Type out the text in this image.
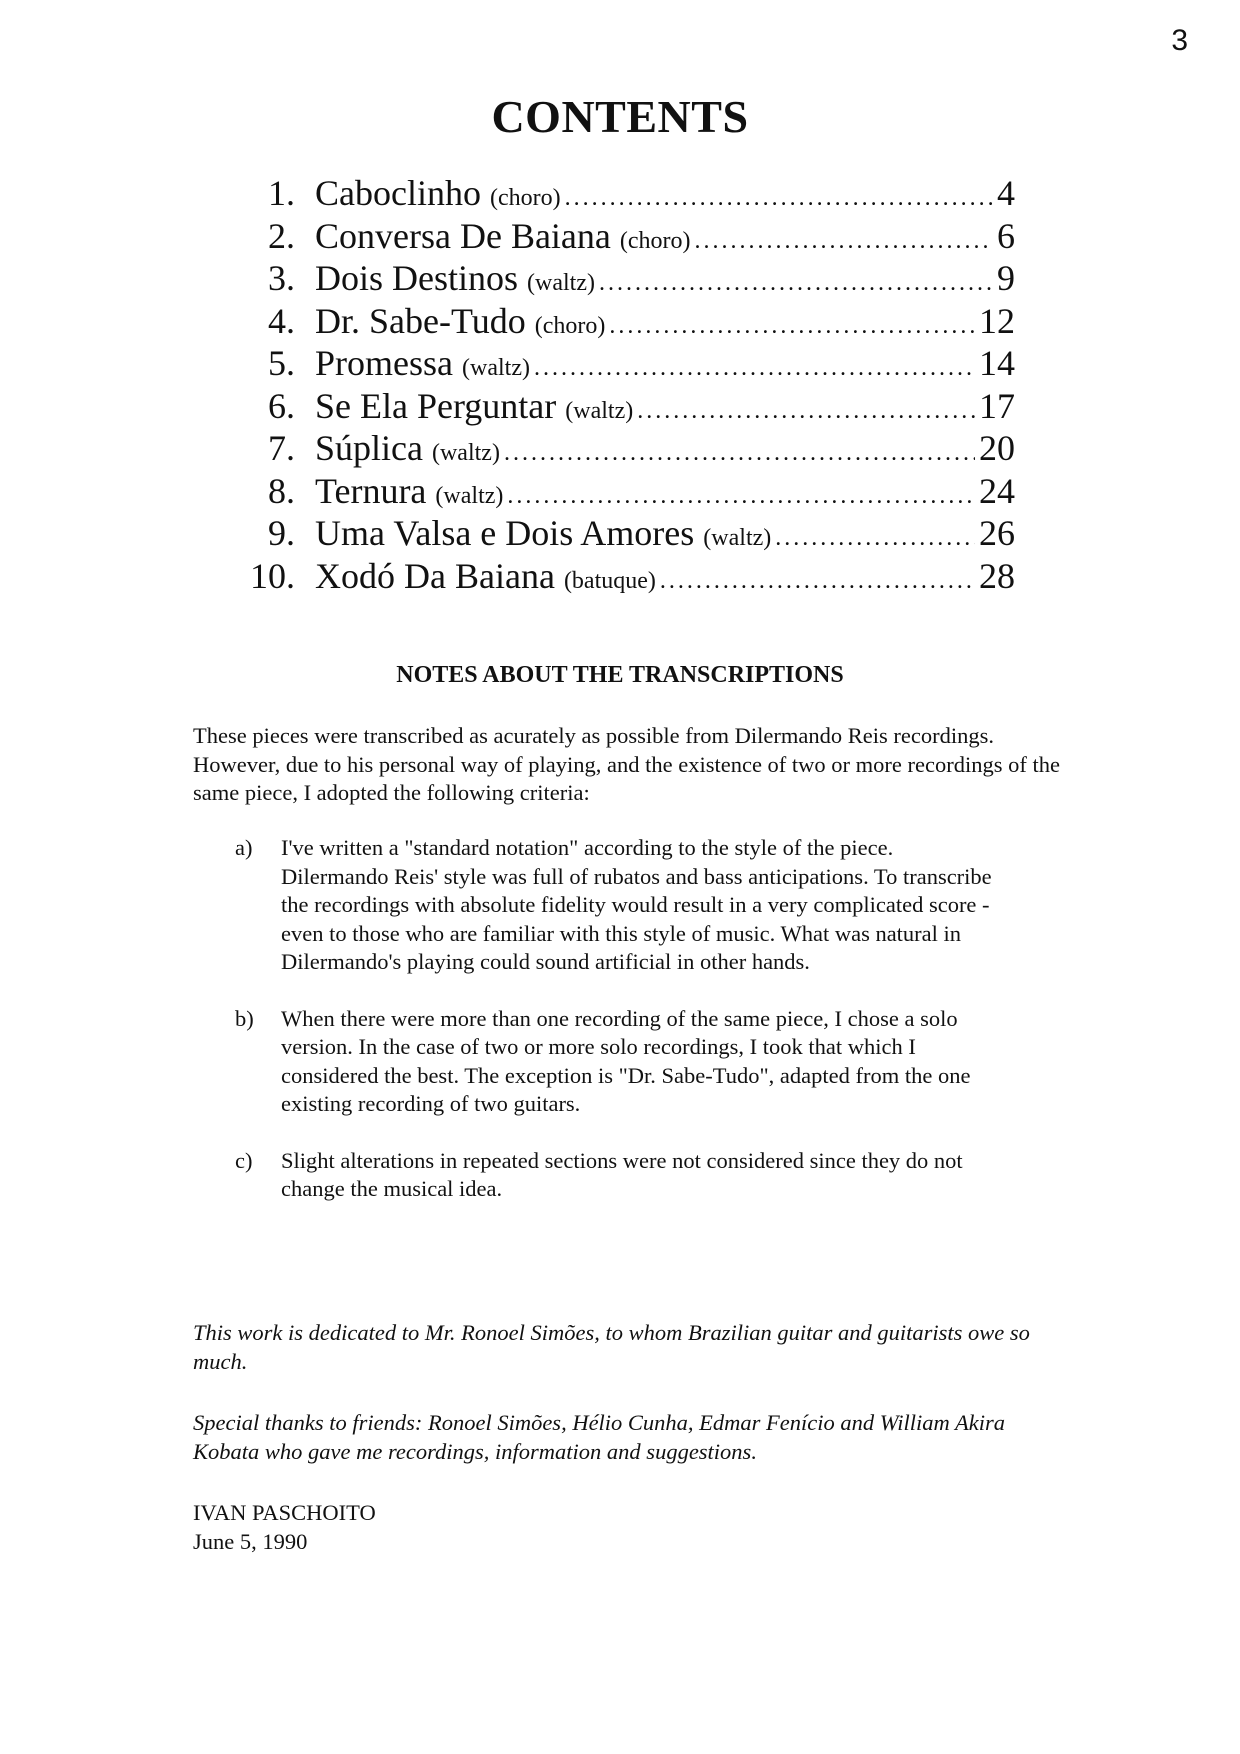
3
CONTENTS
1. Caboclinho (choro) .....	4
2. Conversa De Baiana (choro) .....	6
3. Dois Destinos (waltz) .....	9
4. Dr. Sabe-Tudo (choro) .....	12
5. Promessa (waltz) .....	14
6. Se Ela Perguntar (waltz) .....	17
7. Súplica (waltz) .....	20
8. Ternura (waltz) .....	24
9. Uma Valsa e Dois Amores (waltz) .....	26
10. Xodó Da Baiana (batuque) .....	28
NOTES ABOUT THE TRANSCRIPTIONS

These pieces were transcribed as acurately as possible from Dilermando Reis recordings. However, due to his personal way of playing, and the existence of two or more recordings of the same piece, I adopted the following criteria:

a)	I've written a "standard notation" according to the style of the piece. Dilermando Reis' style was full of rubatos and bass anticipations. To transcribe the recordings with absolute fidelity would result in a very complicated score - even to those who are familiar with this style of music. What was natural in Dilermando's playing could sound artificial in other hands.
b)	When there were more than one recording of the same piece, I chose a solo version. In the case of two or more solo recordings, I took that which I considered the best. The exception is "Dr. Sabe-Tudo", adapted from the one existing recording of two guitars.
c)	Slight alterations in repeated sections were not considered since they do not change the musical idea.

This work is dedicated to Mr. Ronoel Simões, to whom Brazilian guitar and guitarists owe so much.

Special thanks to friends: Ronoel Simões, Hélio Cunha, Edmar Fenício and William Akira Kobata who gave me recordings, information and suggestions.

IVAN PASCHOITO
June 5, 1990
